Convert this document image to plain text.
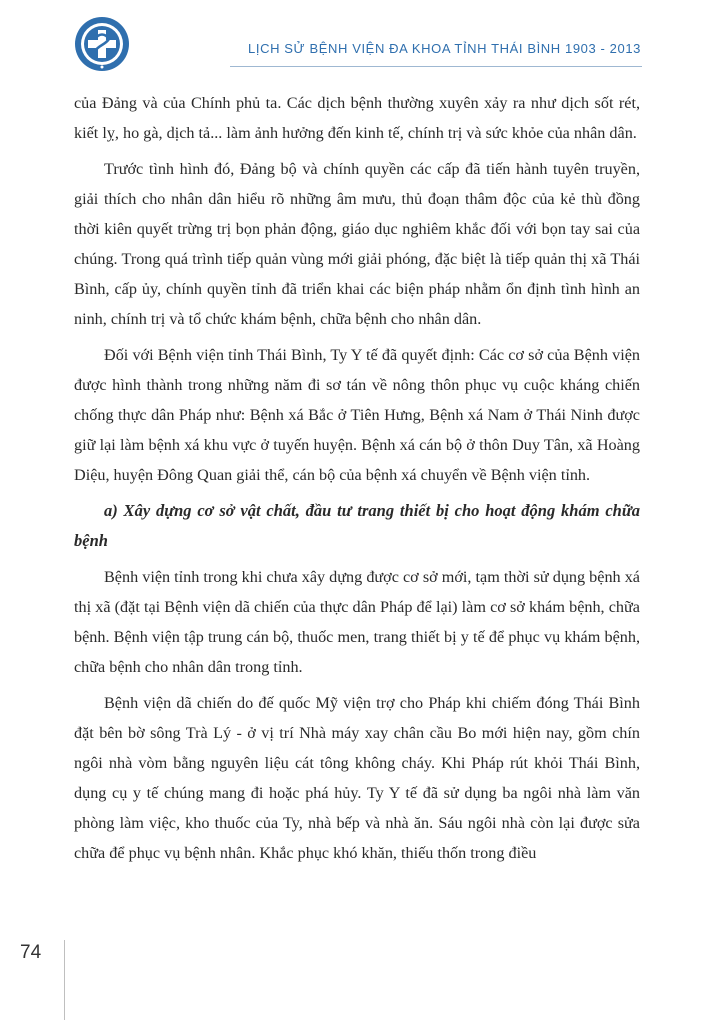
LỊCH SỬ BỆNH VIỆN ĐA KHOA TỈNH THÁI BÌNH 1903 - 2013

của Đảng và của Chính phủ ta. Các dịch bệnh thường xuyên xảy ra như dịch sốt rét, kiết lỵ, ho gà, dịch tả... làm ảnh hưởng đến kinh tế, chính trị và sức khỏe của nhân dân.

Trước tình hình đó, Đảng bộ và chính quyền các cấp đã tiến hành tuyên truyền, giải thích cho nhân dân hiểu rõ những âm mưu, thủ đoạn thâm độc của kẻ thù đồng thời kiên quyết trừng trị bọn phản động, giáo dục nghiêm khắc đối với bọn tay sai của chúng. Trong quá trình tiếp quản vùng mới giải phóng, đặc biệt là tiếp quản thị xã Thái Bình, cấp ủy, chính quyền tỉnh đã triển khai các biện pháp nhằm ổn định tình hình an ninh, chính trị và tổ chức khám bệnh, chữa bệnh cho nhân dân.

Đối với Bệnh viện tỉnh Thái Bình, Ty Y tế đã quyết định: Các cơ sở của Bệnh viện được hình thành trong những năm đi sơ tán về nông thôn phục vụ cuộc kháng chiến chống thực dân Pháp như: Bệnh xá Bắc ở Tiên Hưng, Bệnh xá Nam ở Thái Ninh được giữ lại làm bệnh xá khu vực ở tuyến huyện. Bệnh xá cán bộ ở thôn Duy Tân, xã Hoàng Diệu, huyện Đông Quan giải thể, cán bộ của bệnh xá chuyển về Bệnh viện tỉnh.

a) Xây dựng cơ sở vật chất, đầu tư trang thiết bị cho hoạt động khám chữa bệnh

Bệnh viện tỉnh trong khi chưa xây dựng được cơ sở mới, tạm thời sử dụng bệnh xá thị xã (đặt tại Bệnh viện dã chiến của thực dân Pháp để lại) làm cơ sở khám bệnh, chữa bệnh. Bệnh viện tập trung cán bộ, thuốc men, trang thiết bị y tế để phục vụ khám bệnh, chữa bệnh cho nhân dân trong tỉnh.

Bệnh viện dã chiến do đế quốc Mỹ viện trợ cho Pháp khi chiếm đóng Thái Bình đặt bên bờ sông Trà Lý - ở vị trí Nhà máy xay chân cầu Bo mới hiện nay, gồm chín ngôi nhà vòm bằng nguyên liệu cát tông không cháy. Khi Pháp rút khỏi Thái Bình, dụng cụ y tế chúng mang đi hoặc phá hủy. Ty Y tế đã sử dụng ba ngôi nhà làm văn phòng làm việc, kho thuốc của Ty, nhà bếp và nhà ăn. Sáu ngôi nhà còn lại được sửa chữa để phục vụ bệnh nhân. Khắc phục khó khăn, thiếu thốn trong điều

74
